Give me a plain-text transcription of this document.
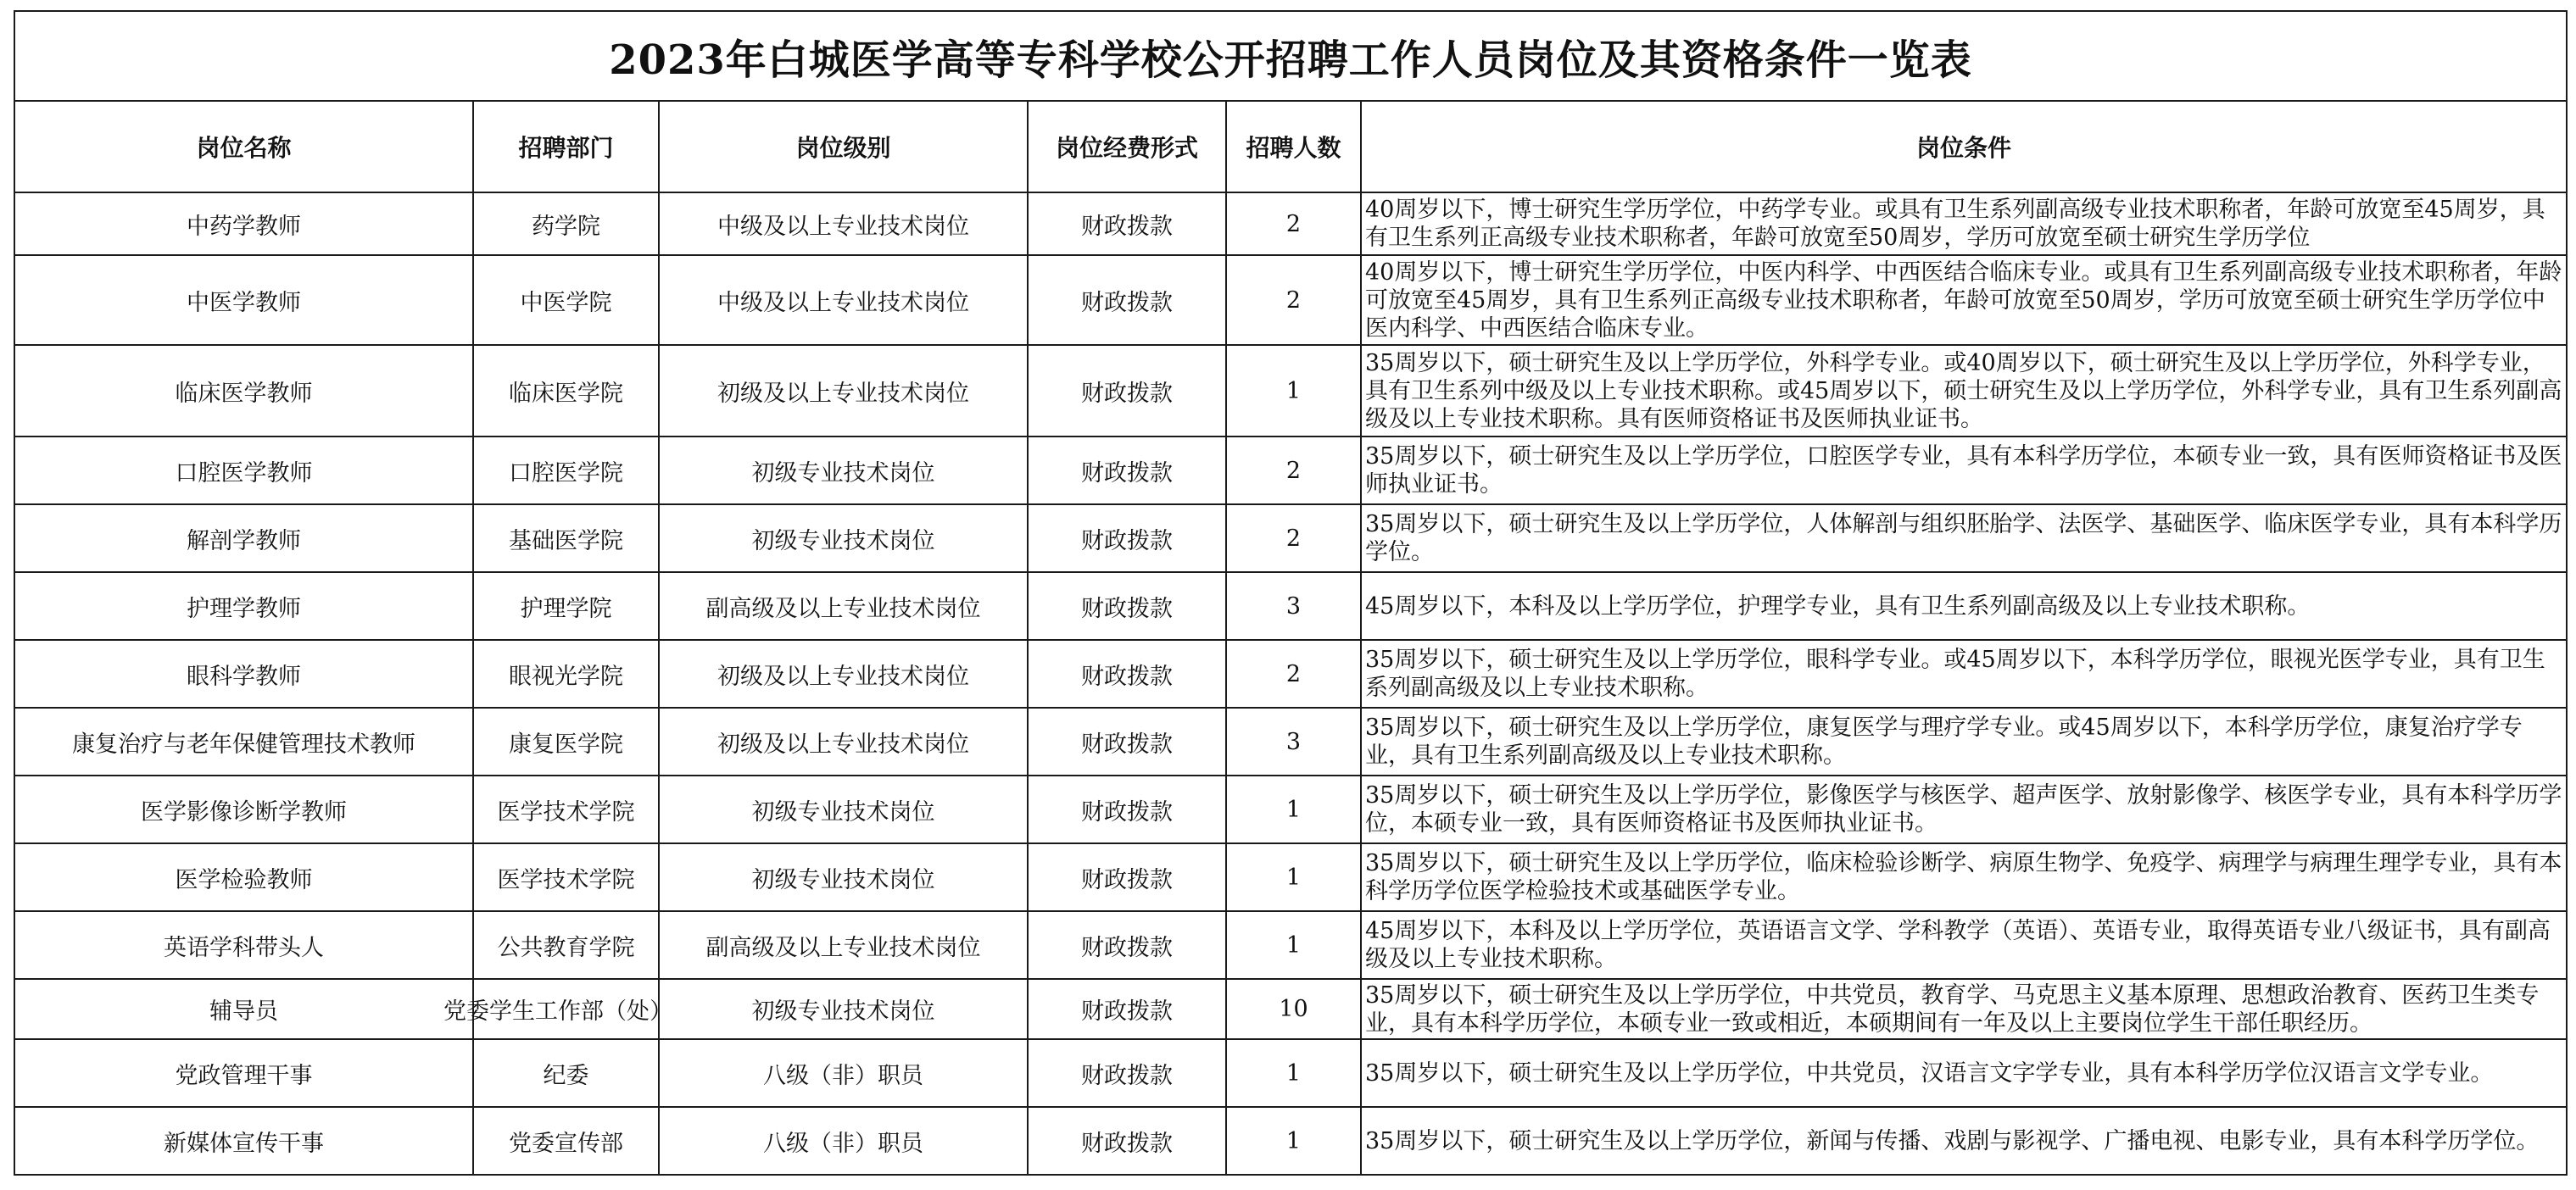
2023年白城医学高等专科学校公开招聘工作人员岗位及其资格条件一览表					
岗位名称	招聘部门	岗位级别	岗位经费形式	招聘人数	岗位条件
中药学教师	药学院	中级及以上专业技术岗位	财政拨款	2	40周岁以下，博士研究生学历学位，中药学专业。或具有卫生系列副高级专业技术职称者，年龄可放宽至45周岁，具有卫生系列正高级专业技术职称者，年龄可放宽至50周岁，学历可放宽至硕士研究生学历学位

中医学教师	中医学院	中级及以上专业技术岗位	财政拨款	2	40周岁以下，博士研究生学历学位，中医内科学、中西医结合临床专业。或具有卫生系列副高级专业技术职称者，年龄可放宽至45周岁，具有卫生系列正高级专业技术职称者，年龄可放宽至50周岁，学历可放宽至硕士研究生学历学位中医内科学、中西医结合临床专业。

临床医学教师	临床医学院	初级及以上专业技术岗位	财政拨款	1	35周岁以下，硕士研究生及以上学历学位，外科学专业。或40周岁以下，硕士研究生及以上学历学位，外科学专业，具有卫生系列中级及以上专业技术职称。或45周岁以下，硕士研究生及以上学历学位，外科学专业，具有卫生系列副高级及以上专业技术职称。具有医师资格证书及医师执业证书。

口腔医学教师	口腔医学院	初级专业技术岗位	财政拨款	2	35周岁以下，硕士研究生及以上学历学位，口腔医学专业，具有本科学历学位，本硕专业一致，具有医师资格证书及医师执业证书。

解剖学教师	基础医学院	初级专业技术岗位	财政拨款	2	35周岁以下，硕士研究生及以上学历学位，人体解剖与组织胚胎学、法医学、基础医学、临床医学专业，具有本科学历学位。

护理学教师	护理学院	副高级及以上专业技术岗位	财政拨款	3	45周岁以下，本科及以上学历学位，护理学专业，具有卫生系列副高级及以上专业技术职称。

眼科学教师	眼视光学院	初级及以上专业技术岗位	财政拨款	2	35周岁以下，硕士研究生及以上学历学位，眼科学专业。或45周岁以下，本科学历学位，眼视光医学专业，具有卫生系列副高级及以上专业技术职称。

康复治疗与老年保健管理技术教师	康复医学院	初级及以上专业技术岗位	财政拨款	3	35周岁以下，硕士研究生及以上学历学位，康复医学与理疗学专业。或45周岁以下，本科学历学位，康复治疗学专业，具有卫生系列副高级及以上专业技术职称。

医学影像诊断学教师	医学技术学院	初级专业技术岗位	财政拨款	1	35周岁以下，硕士研究生及以上学历学位，影像医学与核医学、超声医学、放射影像学、核医学专业，具有本科学历学位，本硕专业一致，具有医师资格证书及医师执业证书。

医学检验教师	医学技术学院	初级专业技术岗位	财政拨款	1	35周岁以下，硕士研究生及以上学历学位，临床检验诊断学、病原生物学、免疫学、病理学与病理生理学专业，具有本科学历学位医学检验技术或基础医学专业。

英语学科带头人	公共教育学院	副高级及以上专业技术岗位	财政拨款	1	45周岁以下，本科及以上学历学位，英语语言文学、学科教学（英语）、英语专业，取得英语专业八级证书，具有副高级及以上专业技术职称。

辅导员	党委学生工作部（处）	初级专业技术岗位	财政拨款	10	35周岁以下，硕士研究生及以上学历学位，中共党员，教育学、马克思主义基本原理、思想政治教育、医药卫生类专业，具有本科学历学位，本硕专业一致或相近，本硕期间有一年及以上主要岗位学生干部任职经历。

党政管理干事	纪委	八级（非）职员	财政拨款	1	35周岁以下，硕士研究生及以上学历学位，中共党员，汉语言文字学专业，具有本科学历学位汉语言文学专业。

新媒体宣传干事	党委宣传部	八级（非）职员	财政拨款	1	35周岁以下，硕士研究生及以上学历学位，新闻与传播、戏剧与影视学、广播电视、电影专业，具有本科学历学位。
